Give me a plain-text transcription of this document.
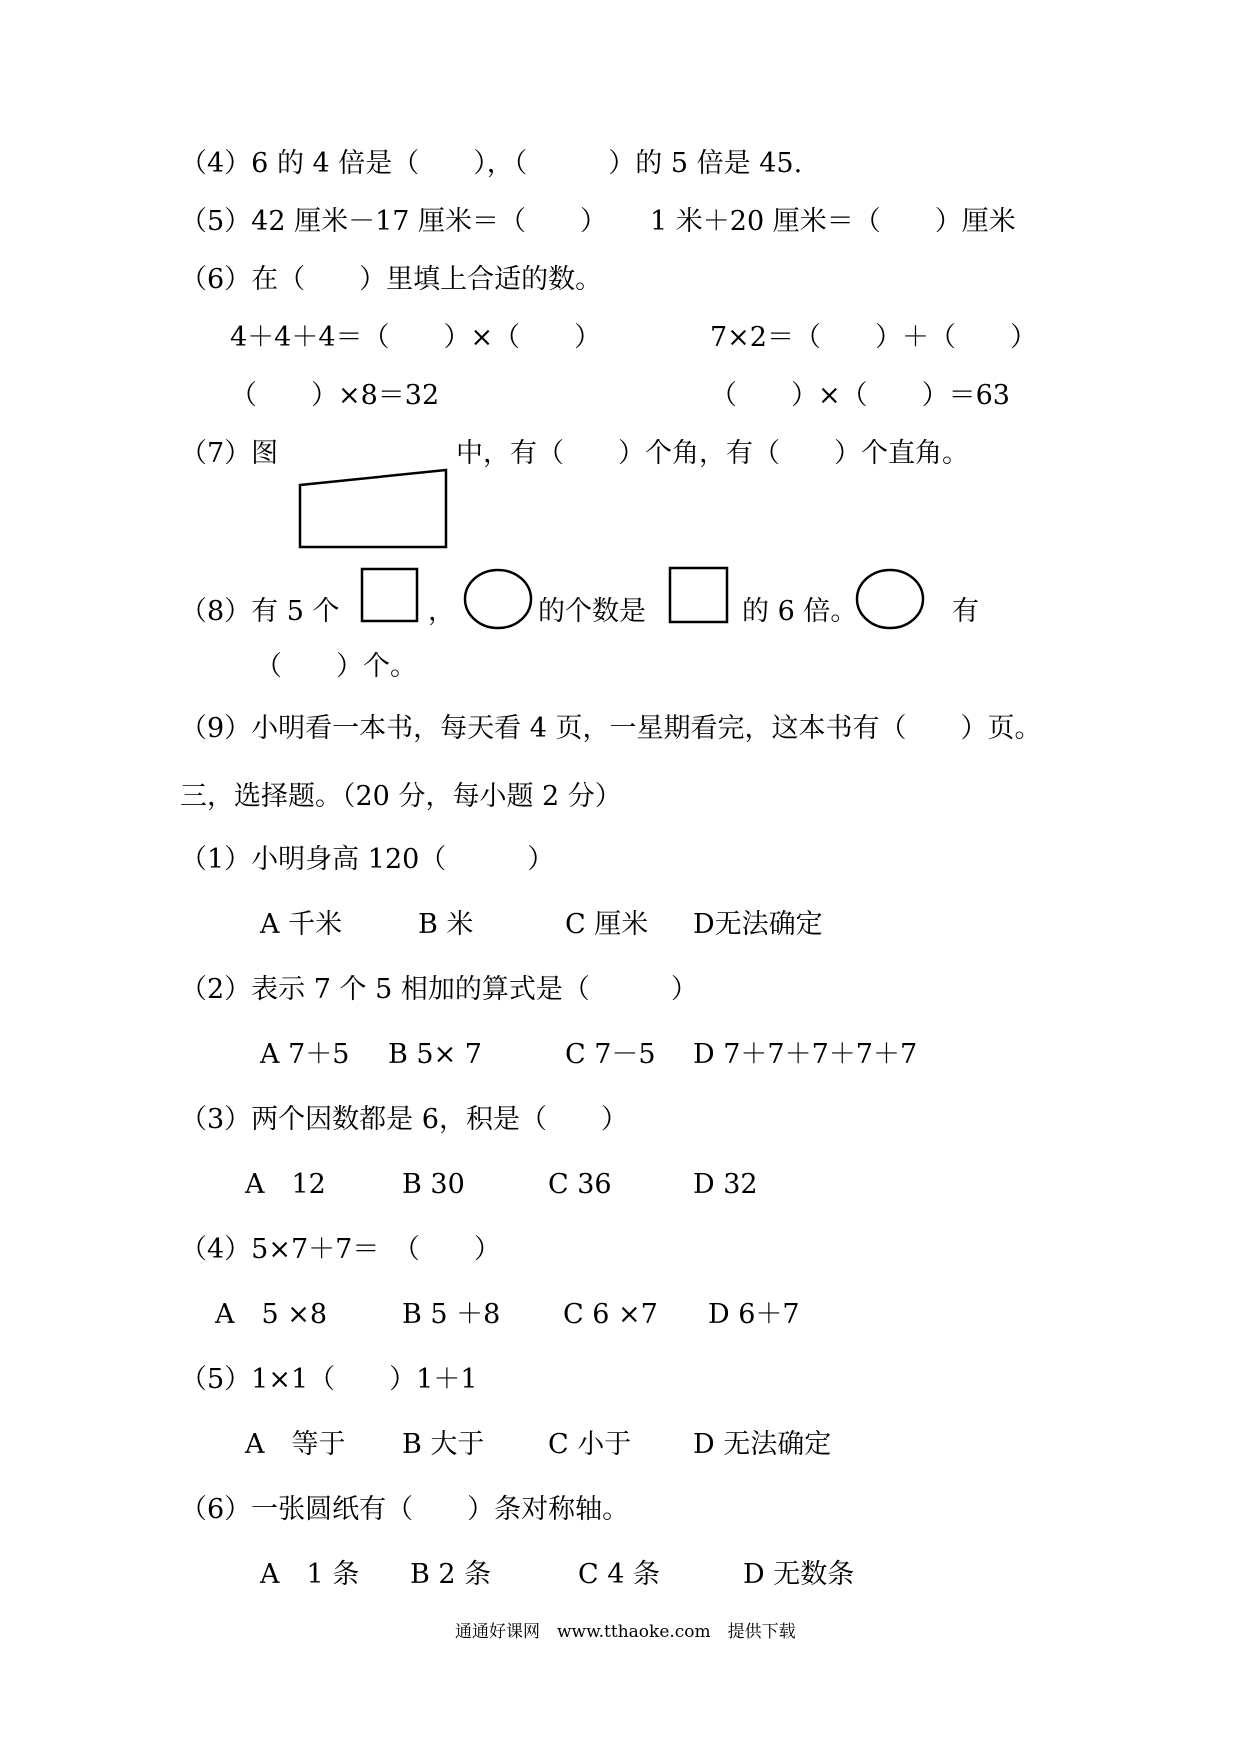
（4）6 的 4 倍是（　　），（　　　）的 5 倍是 45.
（5）42 厘米－17 厘米＝（　　） 1 米＋20 厘米＝（　　）厘米
（6）在（　　）里填上合适的数。
4＋4＋4＝（　　）×（　　）	7×2＝（　　）＋（　　）
（　　）×8＝32	（　　）×（　　）＝63
（7）图	中，有（　　）个角，有（　　）个直角。
（8）有 5 个	，	的个数是	的 6 倍。	有
（　　）个。
（9）小明看一本书，每天看 4 页，一星期看完，这本书有（　　）页。
三，选择题。（20 分，每小题 2 分）
（1）小明身高 120（　　　）
A 千米	B 米	C 厘米 D无法确定
（2）表示 7 个 5 相加的算式是（　　　）
A 7＋5 B 5× 7	C 7－5 D 7＋7＋7＋7＋7
（3）两个因数都是 6，积是（　　）
A　12	B 30	C 36	D 32
（4）5×7＋7＝　（　　）
A　5 ×8	B 5 ＋8 C 6 ×7 D 6＋7
（5）1×1（　　）1＋1
A　等于 B 大于 C 小于 D 无法确定
（6）一张圆纸有（　　）条对称轴。
A　1 条 B 2 条	C 4 条	D 无数条
通通好课网　www.tthaoke.com　提供下载
